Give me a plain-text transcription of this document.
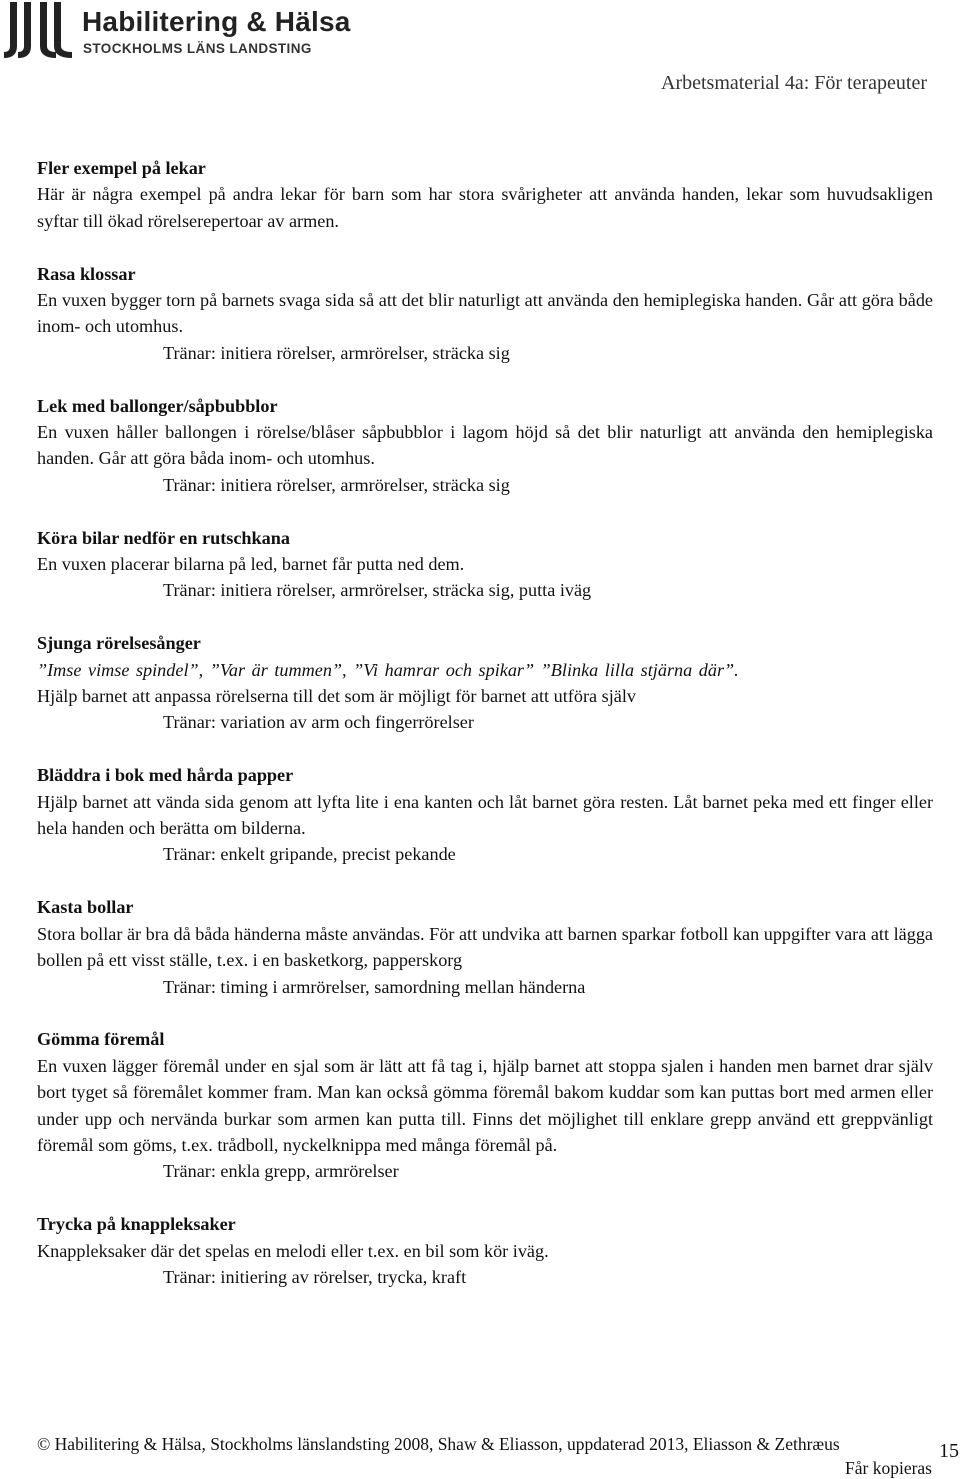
Habilitering & Hälsa
STOCKHOLMS LÄNS LANDSTING
Arbetsmaterial 4a: För terapeuter
Fler exempel på lekar

Här är några exempel på andra lekar för barn som har stora svårigheter att använda handen, lekar som huvudsakligen syftar till ökad rörelserepertoar av armen.

Rasa klossar

En vuxen bygger torn på barnets svaga sida så att det blir naturligt att använda den hemiplegiska handen. Går att göra både inom- och utomhus.

Tränar: initiera rörelser, armrörelser, sträcka sig
Lek med ballonger/såpbubblor

En vuxen håller ballongen i rörelse/blåser såpbubblor i lagom höjd så det blir naturligt att använda den hemiplegiska handen. Går att göra båda inom- och utomhus.

Tränar: initiera rörelser, armrörelser, sträcka sig
Köra bilar nedför en rutschkana

En vuxen placerar bilarna på led, barnet får putta ned dem.

Tränar: initiera rörelser, armrörelser, sträcka sig, putta iväg
Sjunga rörelsesånger

”Imse vimse spindel”, ”Var är tummen”, ”Vi hamrar och spikar” ”Blinka lilla stjärna där”.

Hjälp barnet att anpassa rörelserna till det som är möjligt för barnet att utföra själv

Tränar: variation av arm och fingerrörelser
Bläddra i bok med hårda papper

Hjälp barnet att vända sida genom att lyfta lite i ena kanten och låt barnet göra resten. Låt barnet peka med ett finger eller hela handen och berätta om bilderna.

Tränar: enkelt gripande, precist pekande
Kasta bollar

Stora bollar är bra då båda händerna måste användas. För att undvika att barnen sparkar fotboll kan uppgifter vara att lägga bollen på ett visst ställe, t.ex. i en basketkorg, papperskorg

Tränar: timing i armrörelser, samordning mellan händerna
Gömma föremål

En vuxen lägger föremål under en sjal som är lätt att få tag i, hjälp barnet att stoppa sjalen i handen men barnet drar själv bort tyget så föremålet kommer fram. Man kan också gömma föremål bakom kuddar som kan puttas bort med armen eller under upp och nervända burkar som armen kan putta till. Finns det möjlighet till enklare grepp använd ett greppvänligt föremål som göms, t.ex. trådboll, nyckelknippa med många föremål på.

Tränar: enkla grepp, armrörelser
Trycka på knappleksaker

Knappleksaker där det spelas en melodi eller t.ex. en bil som kör iväg.

Tränar: initiering av rörelser, trycka, kraft
© Habilitering & Hälsa, Stockholms länslandsting 2008, Shaw & Eliasson, uppdaterad 2013, Eliasson & Zethræus
Får kopieras
15
